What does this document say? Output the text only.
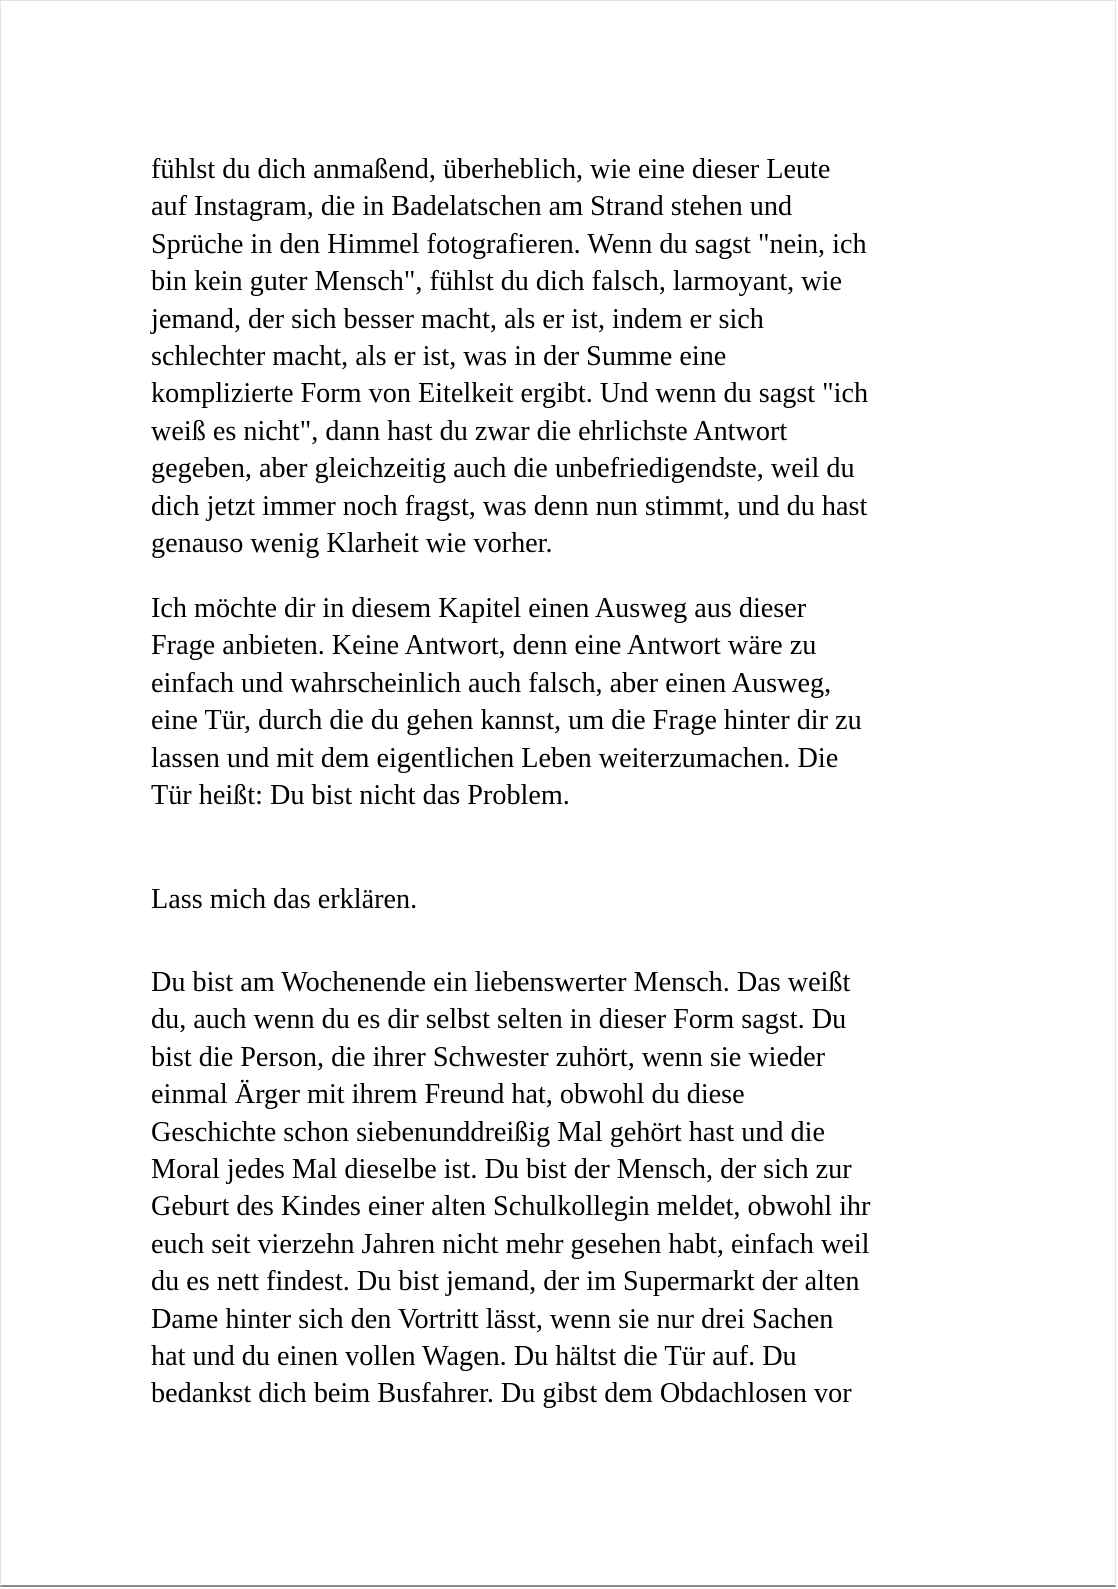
fühlst du dich anmaßend, überheblich, wie eine dieser Leute
auf Instagram, die in Badelatschen am Strand stehen und
Sprüche in den Himmel fotografieren. Wenn du sagst "nein, ich
bin kein guter Mensch", fühlst du dich falsch, larmoyant, wie
jemand, der sich besser macht, als er ist, indem er sich
schlechter macht, als er ist, was in der Summe eine
komplizierte Form von Eitelkeit ergibt. Und wenn du sagst "ich
weiß es nicht", dann hast du zwar die ehrlichste Antwort
gegeben, aber gleichzeitig auch die unbefriedigendste, weil du
dich jetzt immer noch fragst, was denn nun stimmt, und du hast
genauso wenig Klarheit wie vorher.

Ich möchte dir in diesem Kapitel einen Ausweg aus dieser
Frage anbieten. Keine Antwort, denn eine Antwort wäre zu
einfach und wahrscheinlich auch falsch, aber einen Ausweg,
eine Tür, durch die du gehen kannst, um die Frage hinter dir zu
lassen und mit dem eigentlichen Leben weiterzumachen. Die
Tür heißt: Du bist nicht das Problem.

Lass mich das erklären.

Du bist am Wochenende ein liebenswerter Mensch. Das weißt
du, auch wenn du es dir selbst selten in dieser Form sagst. Du
bist die Person, die ihrer Schwester zuhört, wenn sie wieder
einmal Ärger mit ihrem Freund hat, obwohl du diese
Geschichte schon siebenunddreißig Mal gehört hast und die
Moral jedes Mal dieselbe ist. Du bist der Mensch, der sich zur
Geburt des Kindes einer alten Schulkollegin meldet, obwohl ihr
euch seit vierzehn Jahren nicht mehr gesehen habt, einfach weil
du es nett findest. Du bist jemand, der im Supermarkt der alten
Dame hinter sich den Vortritt lässt, wenn sie nur drei Sachen
hat und du einen vollen Wagen. Du hältst die Tür auf. Du
bedankst dich beim Busfahrer. Du gibst dem Obdachlosen vor
